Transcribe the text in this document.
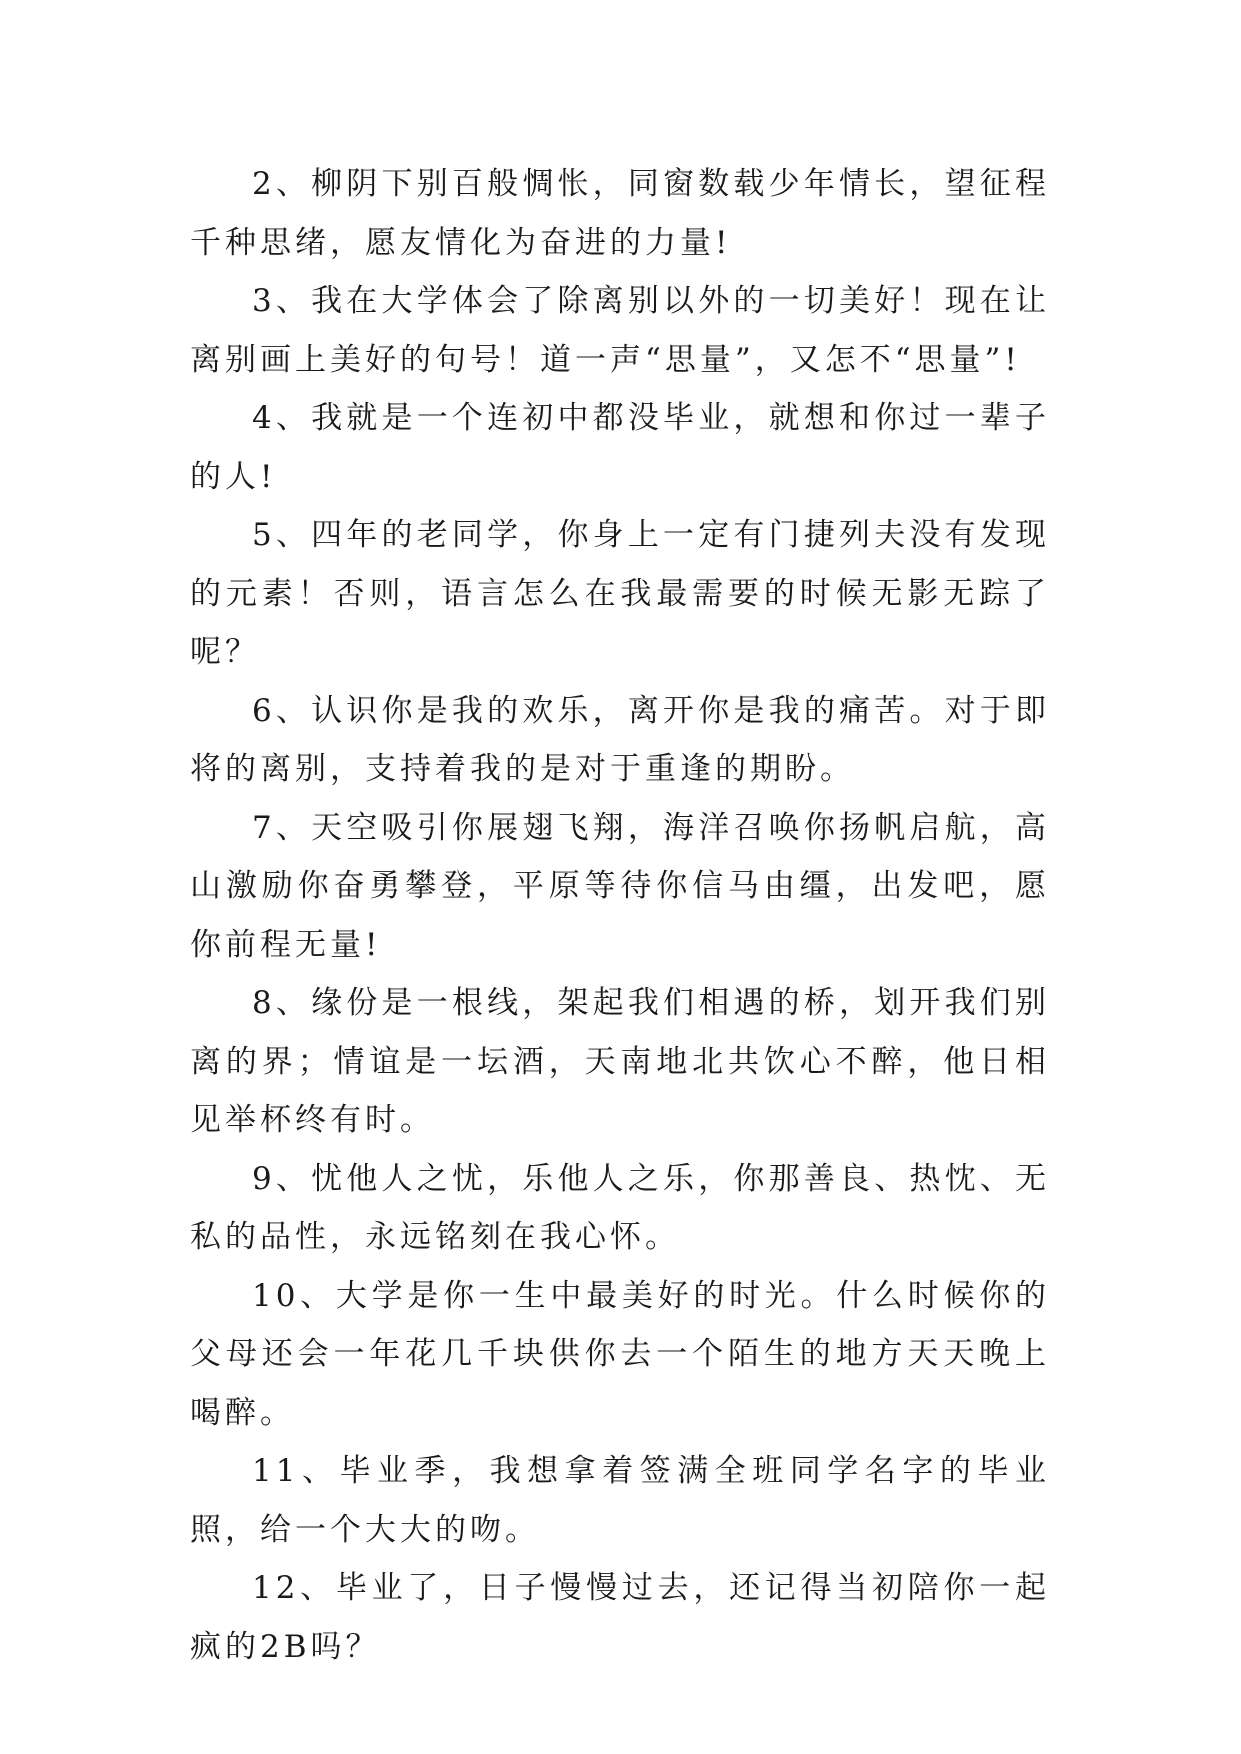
2、柳阴下别百般惆怅，同窗数载少年情长，望征程千种思绪，愿友情化为奋进的力量!

3、我在大学体会了除离别以外的一切美好！现在让离别画上美好的句号！道一声“思量”，又怎不“思量”!

4、我就是一个连初中都没毕业，就想和你过一辈子的人!

5、四年的老同学，你身上一定有门捷列夫没有发现的元素！否则，语言怎么在我最需要的时候无影无踪了呢？

6、认识你是我的欢乐，离开你是我的痛苦。对于即将的离别，支持着我的是对于重逢的期盼。

7、天空吸引你展翅飞翔，海洋召唤你扬帆启航，高山激励你奋勇攀登，平原等待你信马由缰，出发吧，愿你前程无量!

8、缘份是一根线，架起我们相遇的桥，划开我们别离的界；情谊是一坛酒，天南地北共饮心不醉，他日相见举杯终有时。

9、忧他人之忧，乐他人之乐，你那善良、热忱、无私的品性，永远铭刻在我心怀。

10、大学是你一生中最美好的时光。什么时候你的父母还会一年花几千块供你去一个陌生的地方天天晚上喝醉。

11、毕业季，我想拿着签满全班同学名字的毕业照，给一个大大的吻。

12、毕业了，日子慢慢过去，还记得当初陪你一起疯的2B吗？
